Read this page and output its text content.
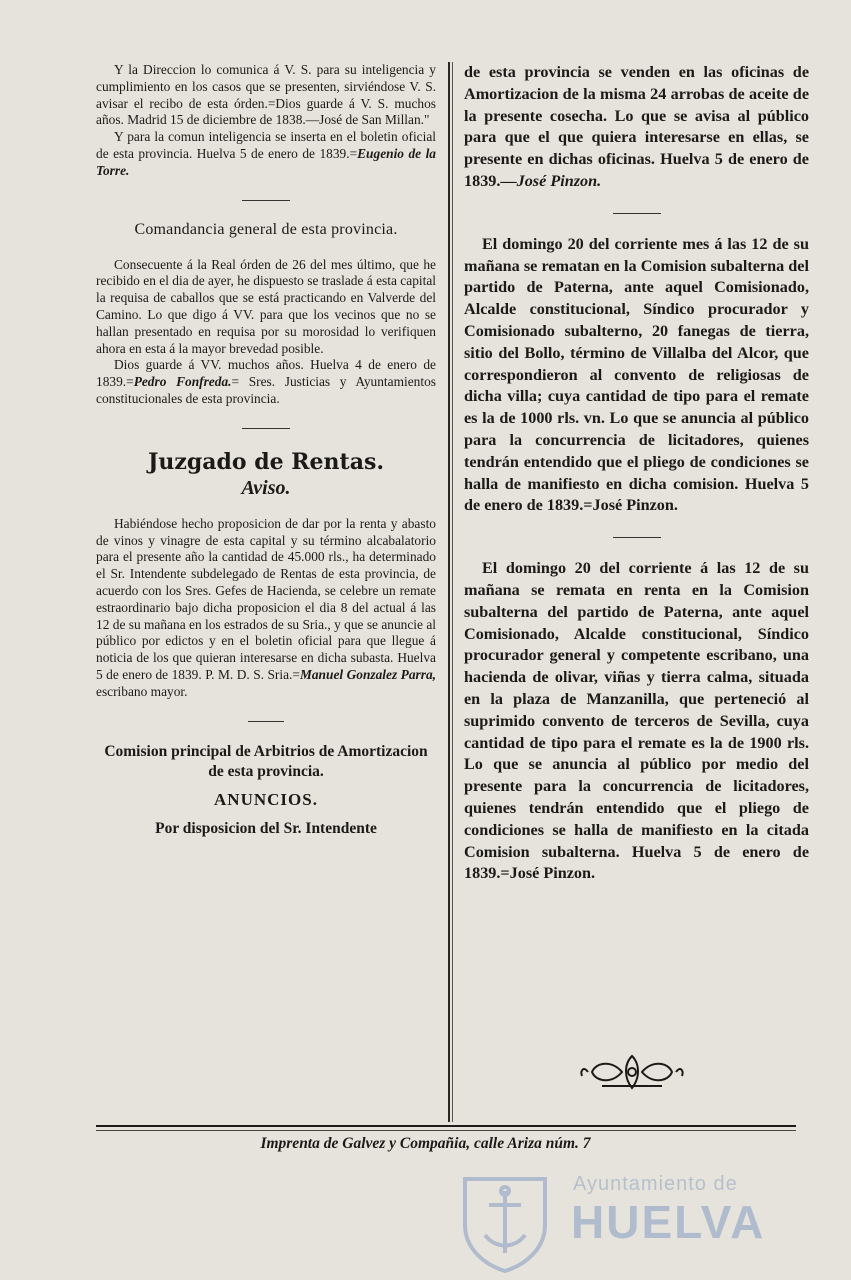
Y la Direccion lo comunica á V. S. para su inteligencia y cumplimiento en los casos que se presenten, sirviéndose V. S. avisar el recibo de esta órden.=Dios guarde á V. S. muchos años. Madrid 15 de diciembre de 1838.—José de San Millan."

Y para la comun inteligencia se inserta en el boletin oficial de esta provincia. Huelva 5 de enero de 1839.=Eugenio de la Torre.

Comandancia general de esta provincia.

Consecuente á la Real órden de 26 del mes último, que he recibido en el dia de ayer, he dispuesto se traslade á esta capital la requisa de caballos que se está practicando en Valverde del Camino. Lo que digo á VV. para que los vecinos que no se hallan presentado en requisa por su morosidad lo verifiquen ahora en esta á la mayor brevedad posible.

Dios guarde á VV. muchos años. Huelva 4 de enero de 1839.=Pedro Fonfreda.= Sres. Justicias y Ayuntamientos constitucionales de esta provincia.

Juzgado de Rentas.
Aviso.

Habiéndose hecho proposicion de dar por la renta y abasto de vinos y vinagre de esta capital y su término alcabalatorio para el presente año la cantidad de 45.000 rls., ha determinado el Sr. Intendente subdelegado de Rentas de esta provincia, de acuerdo con los Sres. Gefes de Hacienda, se celebre un remate estraordinario bajo dicha proposicion el dia 8 del actual á las 12 de su mañana en los estrados de su Sria., y que se anuncie al público por edictos y en el boletin oficial para que llegue á noticia de los que quieran interesarse en dicha subasta. Huelva 5 de enero de 1839. P. M. D. S. Sria.=Manuel Gonzalez Parra, escribano mayor.

Comision principal de Arbitrios de Amortizacion de esta provincia.
ANUNCIOS.
Por disposicion del Sr. Intendente

de esta provincia se venden en las oficinas de Amortizacion de la misma 24 arrobas de aceite de la presente cosecha. Lo que se avisa al público para que el que quiera interesarse en ellas, se presente en dichas oficinas. Huelva 5 de enero de 1839.—José Pinzon.

El domingo 20 del corriente mes á las 12 de su mañana se rematan en la Comision subalterna del partido de Paterna, ante aquel Comisionado, Alcalde constitucional, Síndico procurador y Comisionado subalterno, 20 fanegas de tierra, sitio del Bollo, término de Villalba del Alcor, que correspondieron al convento de religiosas de dicha villa; cuya cantidad de tipo para el remate es la de 1000 rls. vn. Lo que se anuncia al público para la concurrencia de licitadores, quienes tendrán entendido que el pliego de condiciones se halla de manifiesto en dicha comision. Huelva 5 de enero de 1839.=José Pinzon.

El domingo 20 del corriente á las 12 de su mañana se remata en renta en la Comision subalterna del partido de Paterna, ante aquel Comisionado, Alcalde constitucional, Síndico procurador general y competente escribano, una hacienda de olivar, viñas y tierra calma, situada en la plaza de Manzanilla, que perteneció al suprimido convento de terceros de Sevilla, cuya cantidad de tipo para el remate es la de 1900 rls. Lo que se anuncia al público por medio del presente para la concurrencia de licitadores, quienes tendrán entendido que el pliego de condiciones se halla de manifiesto en la citada Comision subalterna. Huelva 5 de enero de 1839.=José Pinzon.

Imprenta de Galvez y Compañia, calle Ariza núm. 7
Ayuntamiento de
HUELVA
